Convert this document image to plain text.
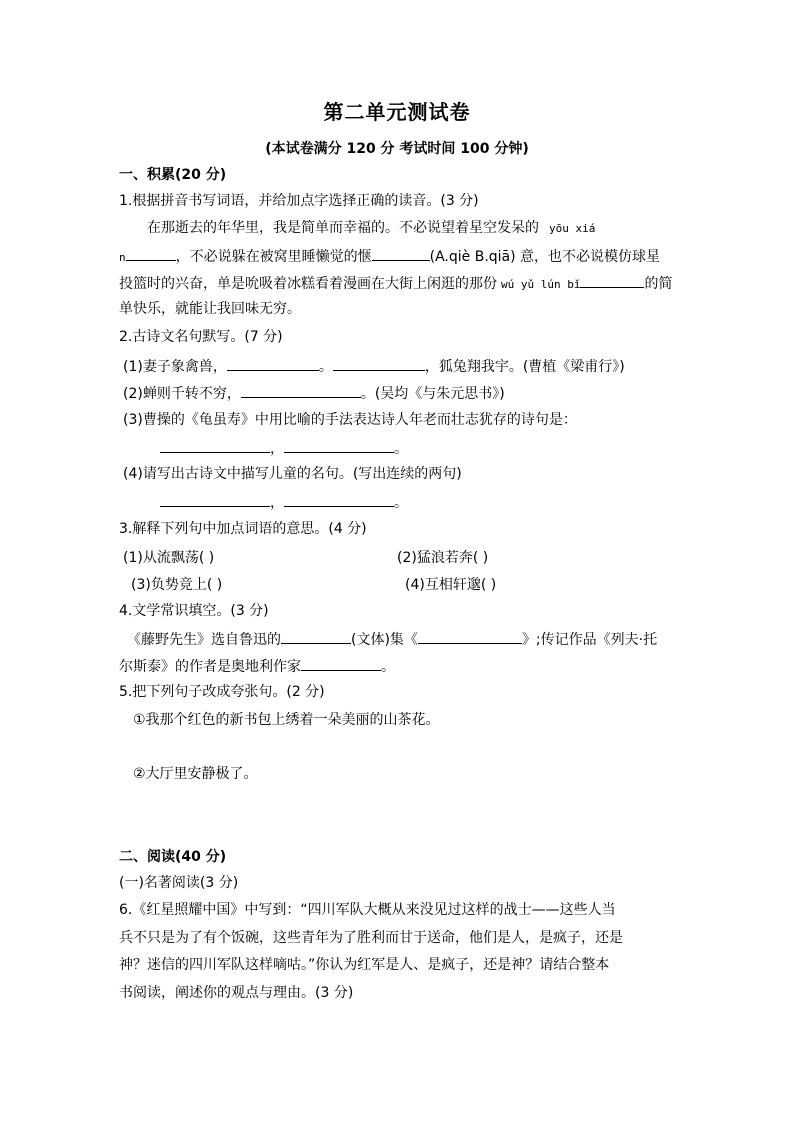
第二单元测试卷
(本试卷满分 120 分 考试时间 100 分钟)
一、积累(20 分)
1.根据拼音书写词语，并给加点字选择正确的读音。(3 分)
在那逝去的年华里，我是简单而幸福的。不必说望着星空发呆的 yōu xiá
n	，不必说躲在被窝里睡懒觉的惬	(A.qiè B.qiā) 意，也不必说模仿球星
投篮时的兴奋，单是吮吸着冰糕看着漫画在大街上闲逛的那份 wú yǔ lún bǐ	的简
单快乐，就能让我回味无穷。
2.古诗文名句默写。(7 分)
(1)妻子象禽兽，	。	，狐兔翔我宇。(曹植《梁甫行》)
(2)蝉则千转不穷，	。(吴均《与朱元思书》)
(3)曹操的《龟虽寿》中用比喻的手法表达诗人年老而壮志犹存的诗句是：
，	。
(4)请写出古诗文中描写儿童的名句。(写出连续的两句)
，	。
3.解释下列句中加点词语的意思。(4 分)
(1)从流飘荡( )	(2)猛浪若奔( )
(3)负势竞上( )	(4)互相轩邈( )
4.文学常识填空。(3 分)
《藤野先生》选自鲁迅的	(文体)集《	》;传记作品《列夫·托
尔斯泰》的作者是奥地利作家	。
5.把下列句子改成夸张句。(2 分)
①我那个红色的新书包上绣着一朵美丽的山茶花。
②大厅里安静极了。
二、阅读(40 分)
(一)名著阅读(3 分)
6.《红星照耀中国》中写到：“四川军队大概从来没见过这样的战士——这些人当
兵不只是为了有个饭碗，这些青年为了胜利而甘于送命，他们是人，是疯子，还是
神？迷信的四川军队这样嘀咕。”你认为红军是人、是疯子，还是神？请结合整本
书阅读，阐述你的观点与理由。(3 分)
